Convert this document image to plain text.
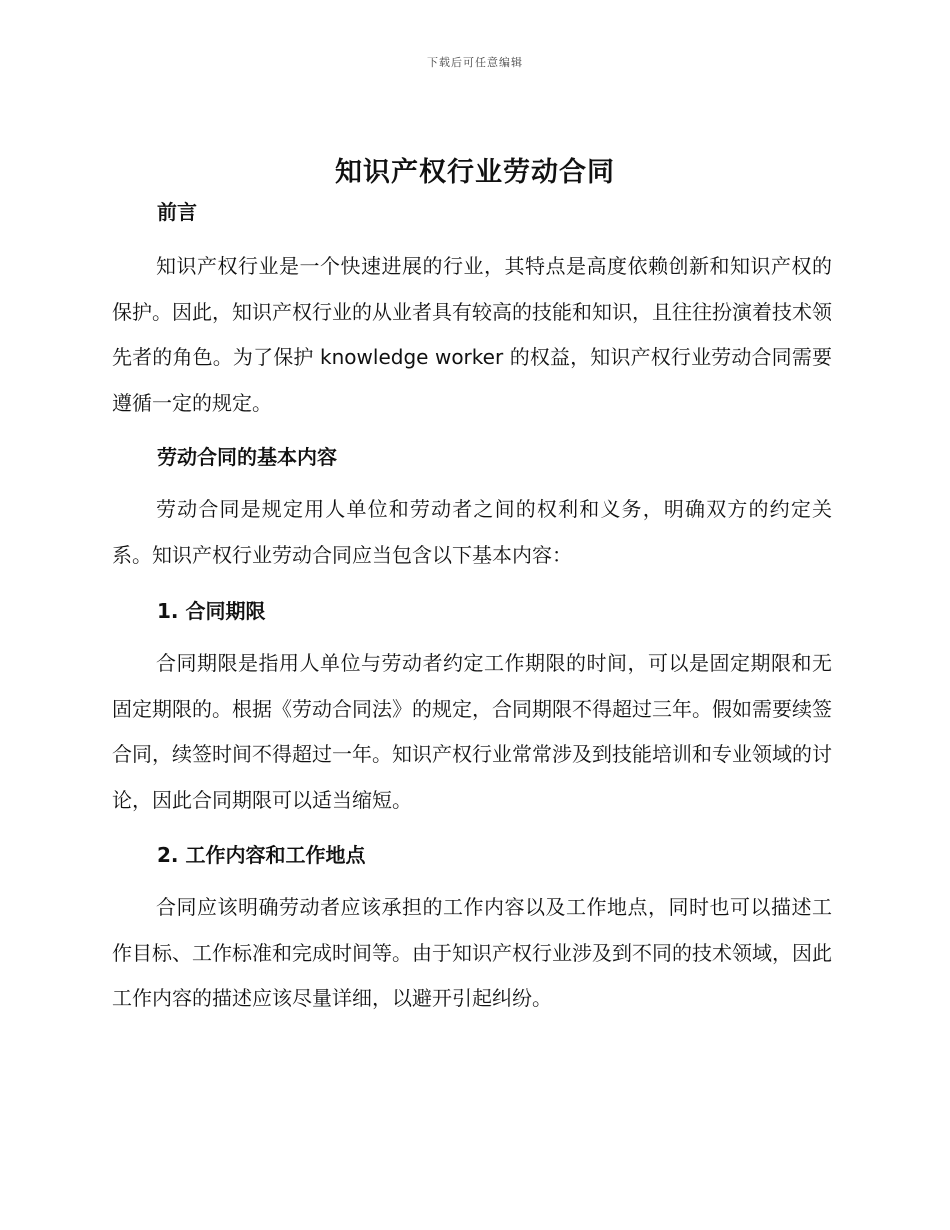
下载后可任意编辑
知识产权行业劳动合同
前言

知识产权行业是一个快速进展的行业，其特点是高度依赖创新和知识产权的保护。因此，知识产权行业的从业者具有较高的技能和知识，且往往扮演着技术领先者的角色。为了保护 knowledge worker 的权益，知识产权行业劳动合同需要遵循一定的规定。

劳动合同的基本内容

劳动合同是规定用人单位和劳动者之间的权利和义务，明确双方的约定关系。知识产权行业劳动合同应当包含以下基本内容：

1. 合同期限

合同期限是指用人单位与劳动者约定工作期限的时间，可以是固定期限和无固定期限的。根据《劳动合同法》的规定，合同期限不得超过三年。假如需要续签合同，续签时间不得超过一年。知识产权行业常常涉及到技能培训和专业领域的讨论，因此合同期限可以适当缩短。

2. 工作内容和工作地点

合同应该明确劳动者应该承担的工作内容以及工作地点，同时也可以描述工作目标、工作标准和完成时间等。由于知识产权行业涉及到不同的技术领域，因此工作内容的描述应该尽量详细，以避开引起纠纷。
